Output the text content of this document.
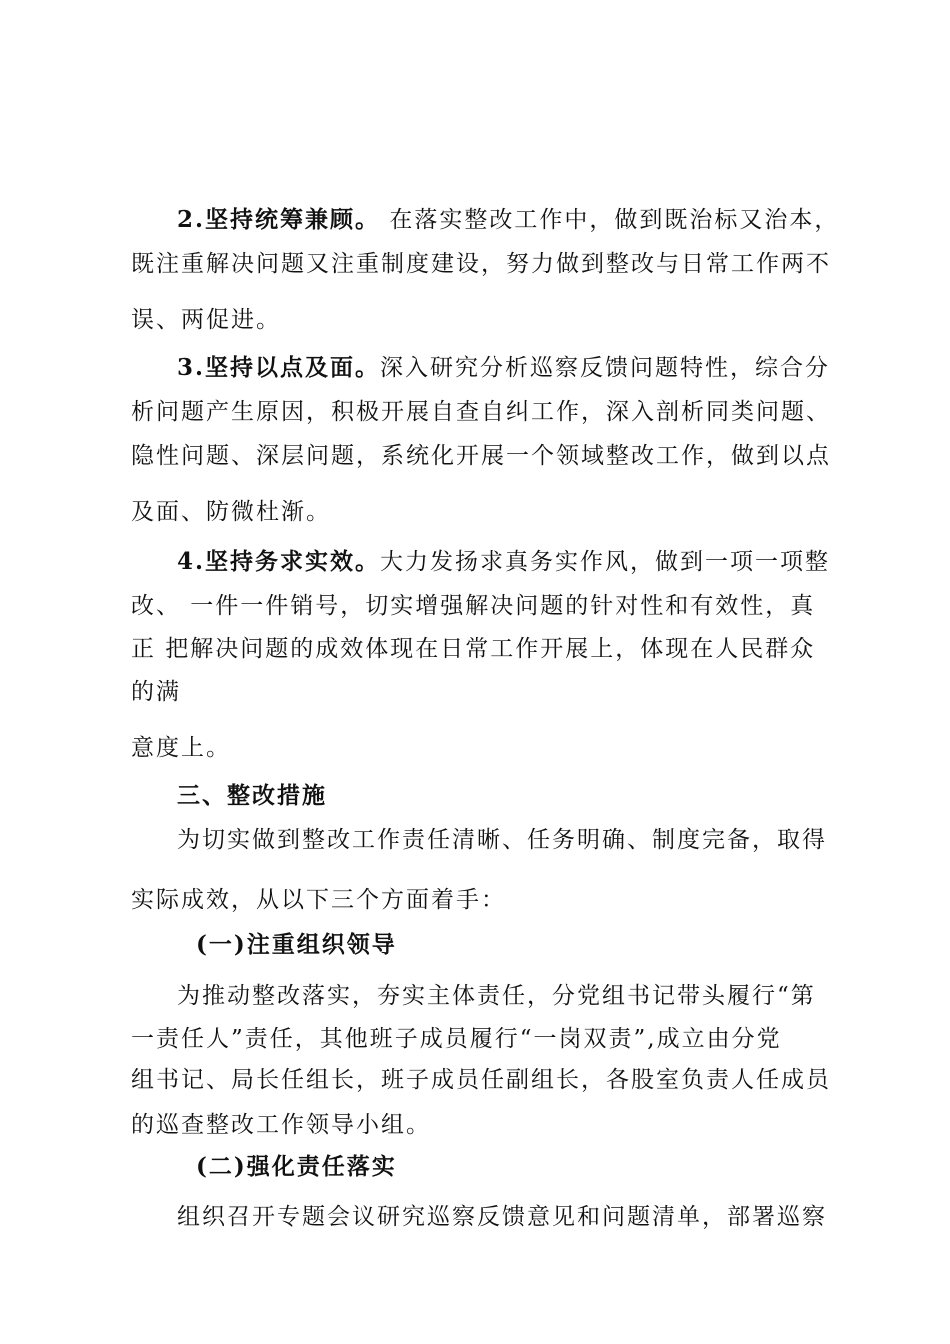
2.坚持统筹兼顾。 在落实整改工作中，做到既治标又治本，
既注重解决问题又注重制度建设，努力做到整改与日常工作两不
误、两促进。
3.坚持以点及面。深入研究分析巡察反馈问题特性，综合分
析问题产生原因，积极开展自查自纠工作，深入剖析同类问题、
隐性问题、深层问题，系统化开展一个领域整改工作，做到以点
及面、防微杜渐。
4.坚持务求实效。大力发扬求真务实作风，做到一项一项整
改、 一件一件销号，切实增强解决问题的针对性和有效性，真
正 把解决问题的成效体现在日常工作开展上，体现在人民群众
的满
意度上。
三、整改措施
为切实做到整改工作责任清晰、任务明确、制度完备，取得
实际成效，从以下三个方面着手：
(一)注重组织领导
为推动整改落实，夯实主体责任，分党组书记带头履行“第
一责任人”责任，其他班子成员履行“一岗双责”,成立由分党
组书记、局长任组长，班子成员任副组长，各股室负责人任成员
的巡查整改工作领导小组。
(二)强化责任落实
组织召开专题会议研究巡察反馈意见和问题清单，部署巡察
